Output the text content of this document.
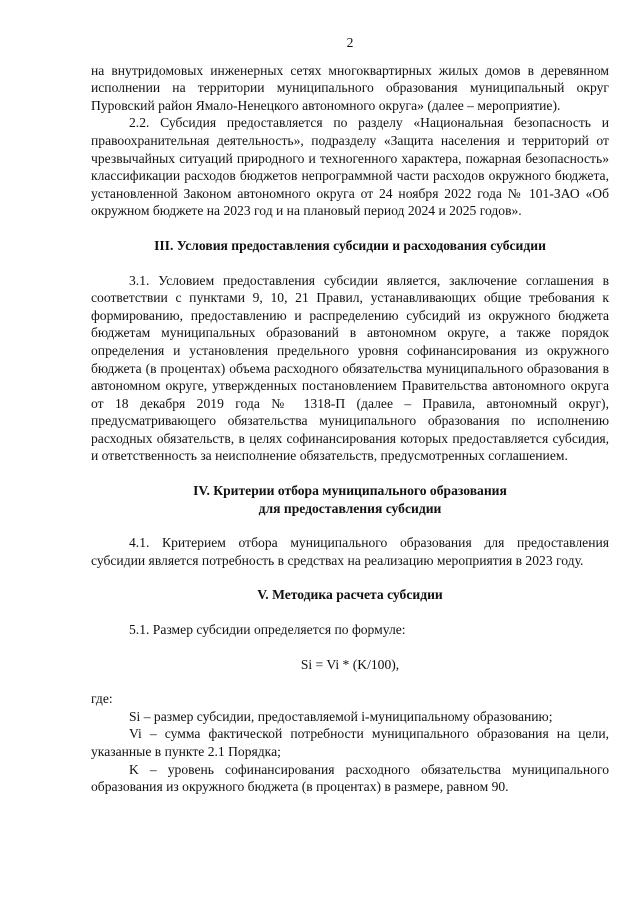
2

на внутридомовых инженерных сетях многоквартирных жилых домов в деревянном исполнении на территории муниципального образования муниципальный округ Пуровский район Ямало-Ненецкого автономного округа» (далее – мероприятие).

2.2. Субсидия предоставляется по разделу «Национальная безопасность и правоохранительная деятельность», подразделу «Защита населения и территорий от чрезвычайных ситуаций природного и техногенного характера, пожарная безопасность» классификации расходов бюджетов непрограммной части расходов окружного бюджета, установленной Законом автономного округа от 24 ноября 2022 года № 101-ЗАО «Об окружном бюджете на 2023 год и на плановый период 2024 и 2025 годов».

III. Условия предоставления субсидии и расходования субсидии

3.1. Условием предоставления субсидии является, заключение соглашения в соответствии с пунктами 9, 10, 21 Правил, устанавливающих общие требования к формированию, предоставлению и распределению субсидий из окружного бюджета бюджетам муниципальных образований в автономном округе, а также порядок определения и установления предельного уровня софинансирования из окружного бюджета (в процентах) объема расходного обязательства муниципального образования в автономном округе, утвержденных постановлением Правительства автономного округа от 18 декабря 2019 года № 1318-П (далее – Правила, автономный округ), предусматривающего обязательства муниципального образования по исполнению расходных обязательств, в целях софинансирования которых предоставляется субсидия, и ответственность за неисполнение обязательств, предусмотренных соглашением.

IV. Критерии отбора муниципального образования
для предоставления субсидии

4.1. Критерием отбора муниципального образования для предоставления субсидии является потребность в средствах на реализацию мероприятия в 2023 году.

V. Методика расчета субсидии

5.1. Размер субсидии определяется по формуле:

Si = Vi * (K/100),

где:

Si – размер субсидии, предоставляемой i-муниципальному образованию;

Vi – сумма фактической потребности муниципального образования на цели, указанные в пункте 2.1 Порядка;

K – уровень софинансирования расходного обязательства муниципального образования из окружного бюджета (в процентах) в размере, равном 90.
